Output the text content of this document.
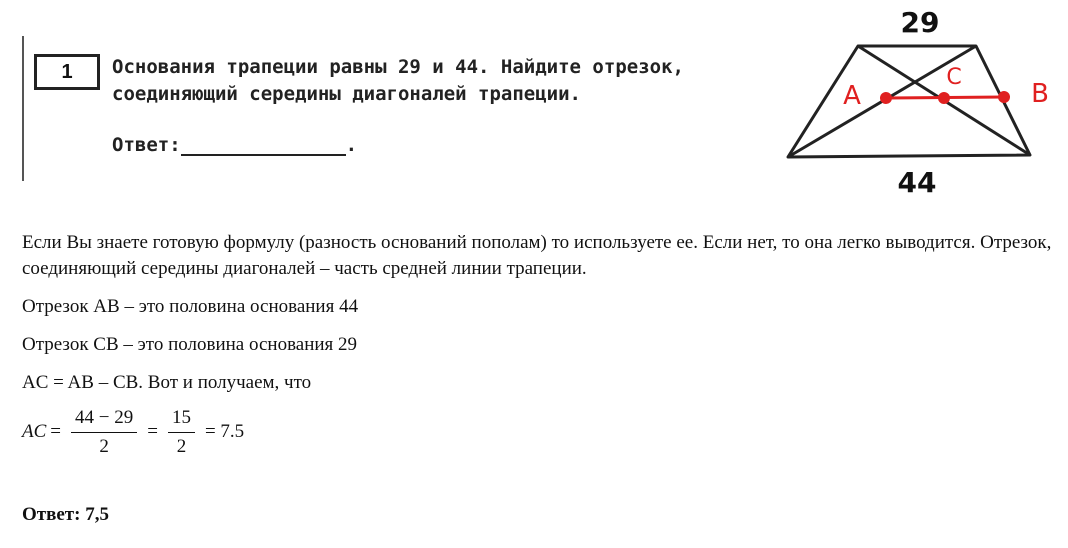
1	Основания трапеции равны 29 и 44. Найдите отрезок, соединяющий середины диагоналей трапеции.
Ответ:	.
29
44
A
C
B

Если Вы знаете готовую формулу (разность оснований пополам) то используете ее. Если нет, то она легко выводится. Отрезок, соединяющий середины диагоналей – часть средней линии трапеции.

Отрезок AB – это половина основания 44

Отрезок CB – это половина основания 29

AC = AB – CB. Вот и получаем, что

AC = $\frac{44 - 29}{2} = \frac{15}{2} = 7.5$

Ответ: 7,5
